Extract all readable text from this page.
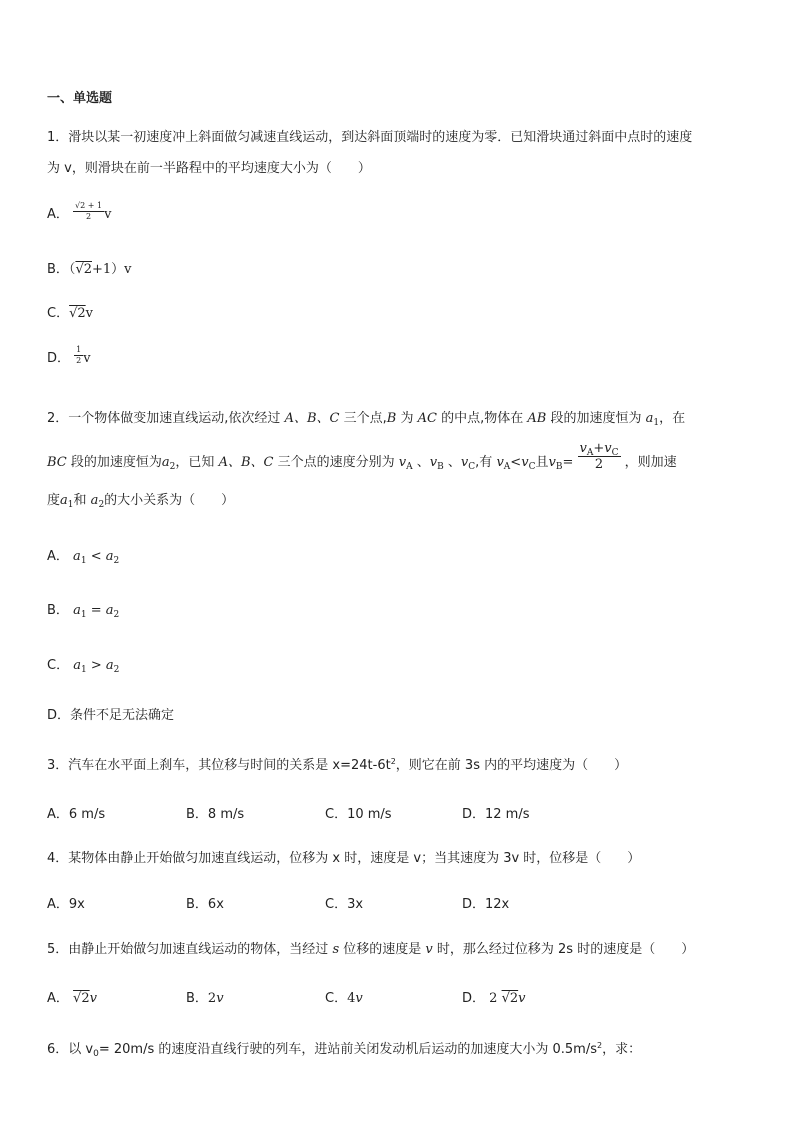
一、单选题
1．滑块以某一初速度冲上斜面做匀减速直线运动，到达斜面顶端时的速度为零．已知滑块通过斜面中点时的速度
为 v，则滑块在前一半路程中的平均速度大小为（　　）
A． $\frac{√2 + 1}{2}$ v
B．（√2+1）v
C．√2v
D． $\frac{1}{2}$ v
2．一个物体做变加速直线运动,依次经过 A、B、C 三个点,B 为 AC 的中点,物体在 AB 段的加速度恒为 $a_1$，在
BC 段的加速度恒为$a_2$，已知 A、B、C 三个点的速度分别为 $v_A$ 、$v_B$ 、$v_C$,有 $v_A<v_C$且$v_B= \frac{v_A+v_C}{2}$ ，则加速
度$a_1$和 $a_2$的大小关系为（　　）
A． $a_1 < a_2$
B． $a_1 = a_2$
C． $a_1 > a_2$
D．条件不足无法确定
3．汽车在水平面上刹车，其位移与时间的关系是 $x=24t-6t^2$，则它在前 3s 内的平均速度为（　　）
A．6 m/s	B．8 m/s	C．10 m/s	D．12 m/s
4．某物体由静止开始做匀加速直线运动，位移为 x 时，速度是 v；当其速度为 3v 时，位移是（　　）
A．9x	B．6x	C．3x	D．12x
5．由静止开始做匀加速直线运动的物体，当经过 s 位移的速度是 v 时，那么经过位移为 2s 时的速度是（　　）
A． √2v	B．2v	C．4v	D． 2 √2v
6．以 $v_0= 20m/s$ 的速度沿直线行驶的列车，进站前关闭发动机后运动的加速度大小为 $0.5m/s^2$，求：
